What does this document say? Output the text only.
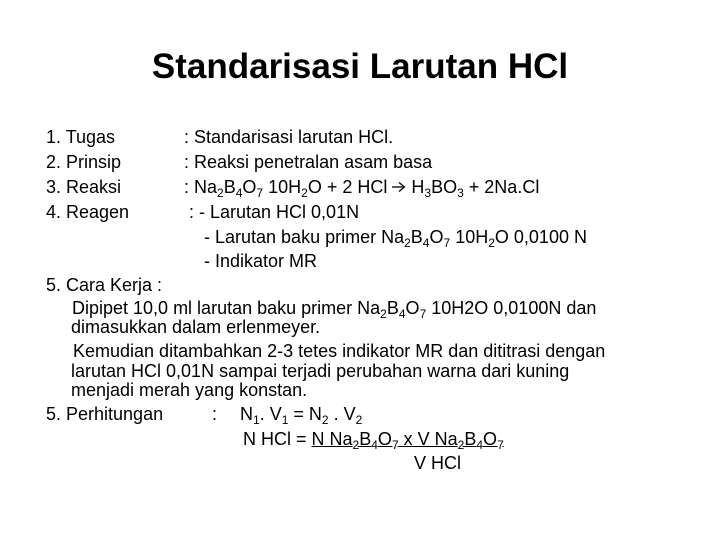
Standarisasi Larutan HCl
1. Tugas	: Standarisasi larutan HCl.
2. Prinsip	: Reaksi penetralan asam basa
3. Reaksi	: $Na_2B_4O_7$ $10H_2O + 2$ HCl $H_3BO_3 + 2Na.Cl$
4. Reagen	: - Larutan HCl 0,01N
- Larutan baku primer $Na_2B_4O_7$ $10H_2O$ 0,0100 N
- Indikator MR
5. Cara Kerja :
Dipipet 10,0 ml larutan baku primer $Na_2B_4O_7$ 10H2O 0,0100N dan
dimasukkan dalam erlenmeyer.
Kemudian ditambahkan 2-3 tetes indikator MR dan dititrasi dengan
larutan HCl 0,01N sampai terjadi perubahan warna dari kuning
menjadi merah yang konstan.
5. Perhitungan	: $N_1$. $V_1 = N_2$ . $V_2$
N HCl = N $Na_2B_4O_7$ x V $Na_2B_4O_7$
V HCl
